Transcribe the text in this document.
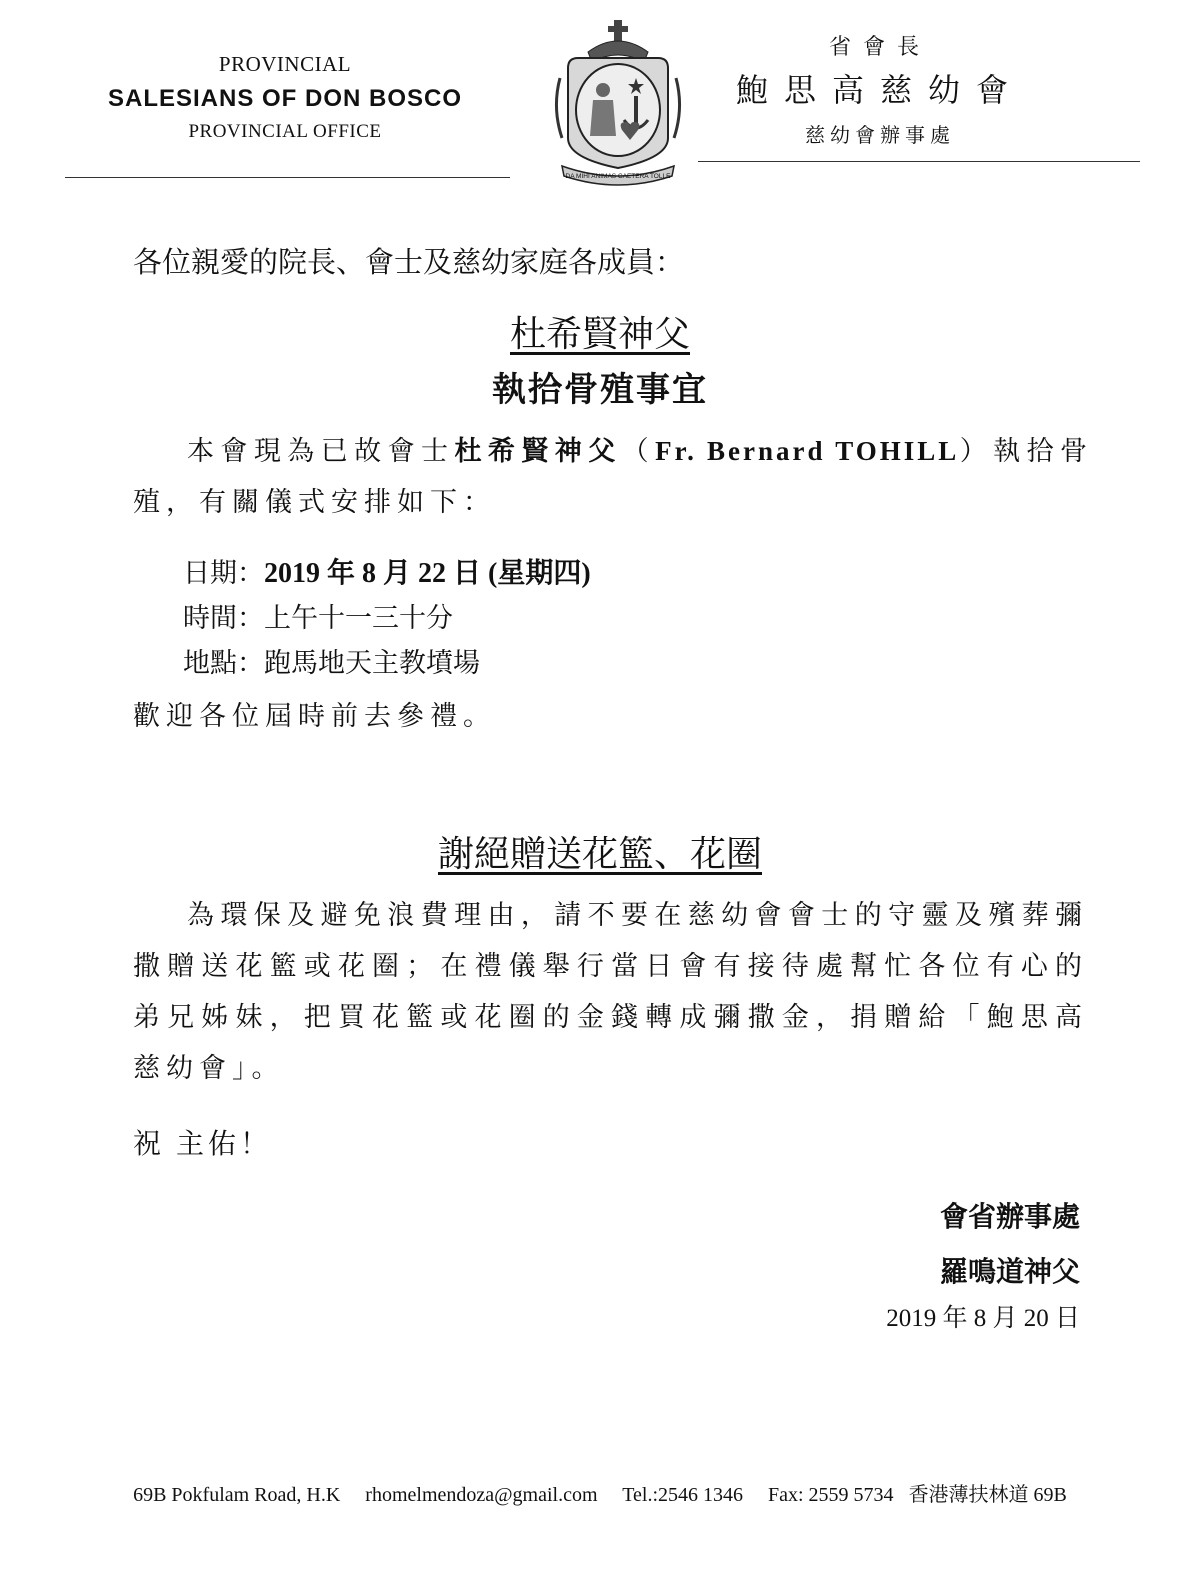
PROVINCIAL
SALESIANS OF DON BOSCO
PROVINCIAL OFFICE
DA MIHI ANIMAS CAETERA TOLLE
省會長
鮑思高慈幼會
慈幼會辦事處
各位親愛的院長、會士及慈幼家庭各成員：
杜希賢神父
執拾骨殖事宜
本會現為已故會士杜希賢神父（Fr. Bernard TOHILL）執拾骨殖，有關儀式安排如下：
日期：2019 年 8 月 22 日 (星期四)
時間：上午十一三十分
地點：跑馬地天主教墳場
歡迎各位屆時前去參禮。
謝絕贈送花籃、花圈
為環保及避免浪費理由，請不要在慈幼會會士的守靈及殯葬彌撒贈送花籃或花圈；在禮儀舉行當日會有接待處幫忙各位有心的弟兄姊妹，把買花籃或花圈的金錢轉成彌撒金，捐贈給「鮑思高慈幼會」。
祝 主佑！
會省辦事處
羅鳴道神父
2019 年 8 月 20 日
69B Pokfulam Road, H.K rhomelmendoza@gmail.com Tel.:2546 1346 Fax: 2559 5734 香港薄扶林道 69B
